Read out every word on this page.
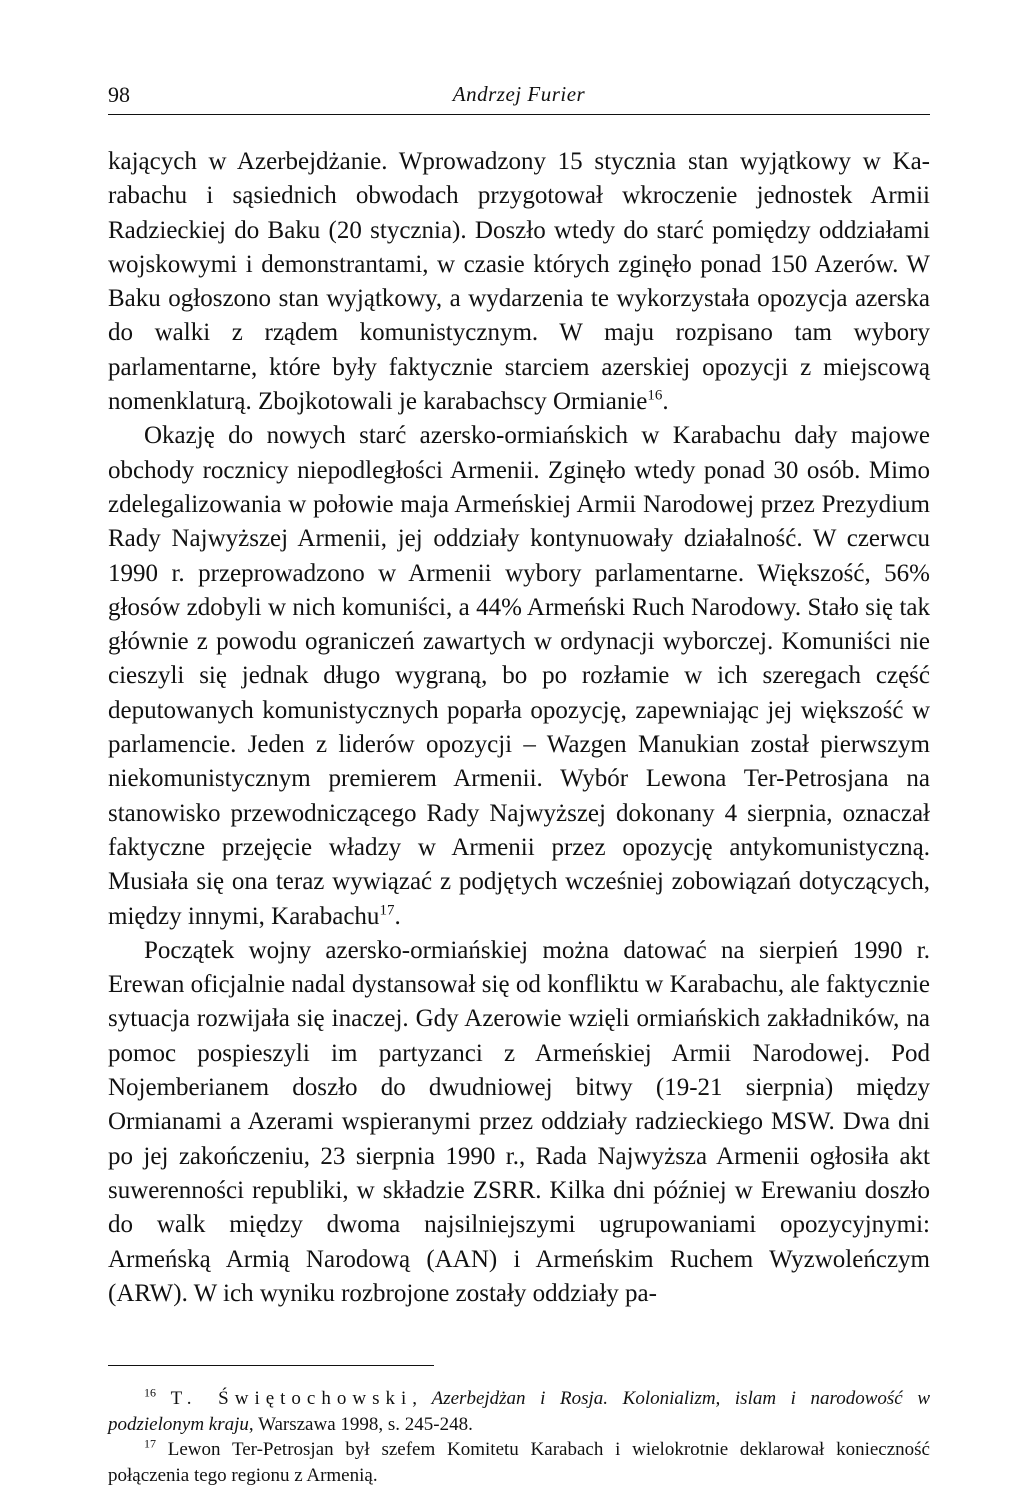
98	Andrzej Furier

kających w Azerbejdżanie. Wprowadzony 15 stycznia stan wyjątkowy w Karabachu i sąsiednich obwodach przygotował wkroczenie jednostek Armii Radzieckiej do Baku (20 stycznia). Doszło wtedy do starć pomiędzy oddziałami wojskowymi i demonstrantami, w czasie których zginęło ponad 150 Azerów. W Baku ogłoszono stan wyjątkowy, a wydarzenia te wykorzystała opozycja azerska do walki z rządem komunistycznym. W maju rozpisano tam wybory parlamentarne, które były faktycznie starciem azerskiej opozycji z miejscową nomenklaturą. Zbojkotowali je karabachscy Ormianie$^{16}$.

Okazję do nowych starć azersko-ormiańskich w Karabachu dały majowe obchody rocznicy niepodległości Armenii. Zginęło wtedy ponad 30 osób. Mimo zdelegalizowania w połowie maja Armeńskiej Armii Narodowej przez Prezydium Rady Najwyższej Armenii, jej oddziały kontynuowały działalność. W czerwcu 1990 r. przeprowadzono w Armenii wybory parlamentarne. Większość, 56% głosów zdobyli w nich komuniści, a 44% Armeński Ruch Narodowy. Stało się tak głównie z powodu ograniczeń zawartych w ordynacji wyborczej. Komuniści nie cieszyli się jednak długo wygraną, bo po rozłamie w ich szeregach część deputowanych komunistycznych poparła opozycję, zapewniając jej większość w parlamencie. Jeden z liderów opozycji – Wazgen Manukian został pierwszym niekomunistycznym premierem Armenii. Wybór Lewona Ter-Petrosjana na stanowisko przewodniczącego Rady Najwyższej dokonany 4 sierpnia, oznaczał faktyczne przejęcie władzy w Armenii przez opozycję antykomunistyczną. Musiała się ona teraz wywiązać z podjętych wcześniej zobowiązań dotyczących, między innymi, Karabachu$^{17}$.

Początek wojny azersko-ormiańskiej można datować na sierpień 1990 r. Erewan oficjalnie nadal dystansował się od konfliktu w Karabachu, ale faktycznie sytuacja rozwijała się inaczej. Gdy Azerowie wzięli ormiańskich zakładników, na pomoc pospieszyli im partyzanci z Armeńskiej Armii Narodowej. Pod Nojemberianem doszło do dwudniowej bitwy (19-21 sierpnia) między Ormianami a Azerami wspieranymi przez oddziały radzieckiego MSW. Dwa dni po jej zakończeniu, 23 sierpnia 1990 r., Rada Najwyższa Armenii ogłosiła akt suwerenności republiki, w składzie ZSRR. Kilka dni później w Erewaniu doszło do walk między dwoma najsilniejszymi ugrupowaniami opozycyjnymi: Armeńską Armią Narodową (AAN) i Armeńskim Ruchem Wyzwoleńczym (ARW). W ich wyniku rozbrojone zostały oddziały pa-

$^{16}$ T. Świętochowski, Azerbejdżan i Rosja. Kolonializm, islam i narodowość w podzielonym kraju, Warszawa 1998, s. 245-248.

$^{17}$ Lewon Ter-Petrosjan był szefem Komitetu Karabach i wielokrotnie deklarował konieczność połączenia tego regionu z Armenią.
